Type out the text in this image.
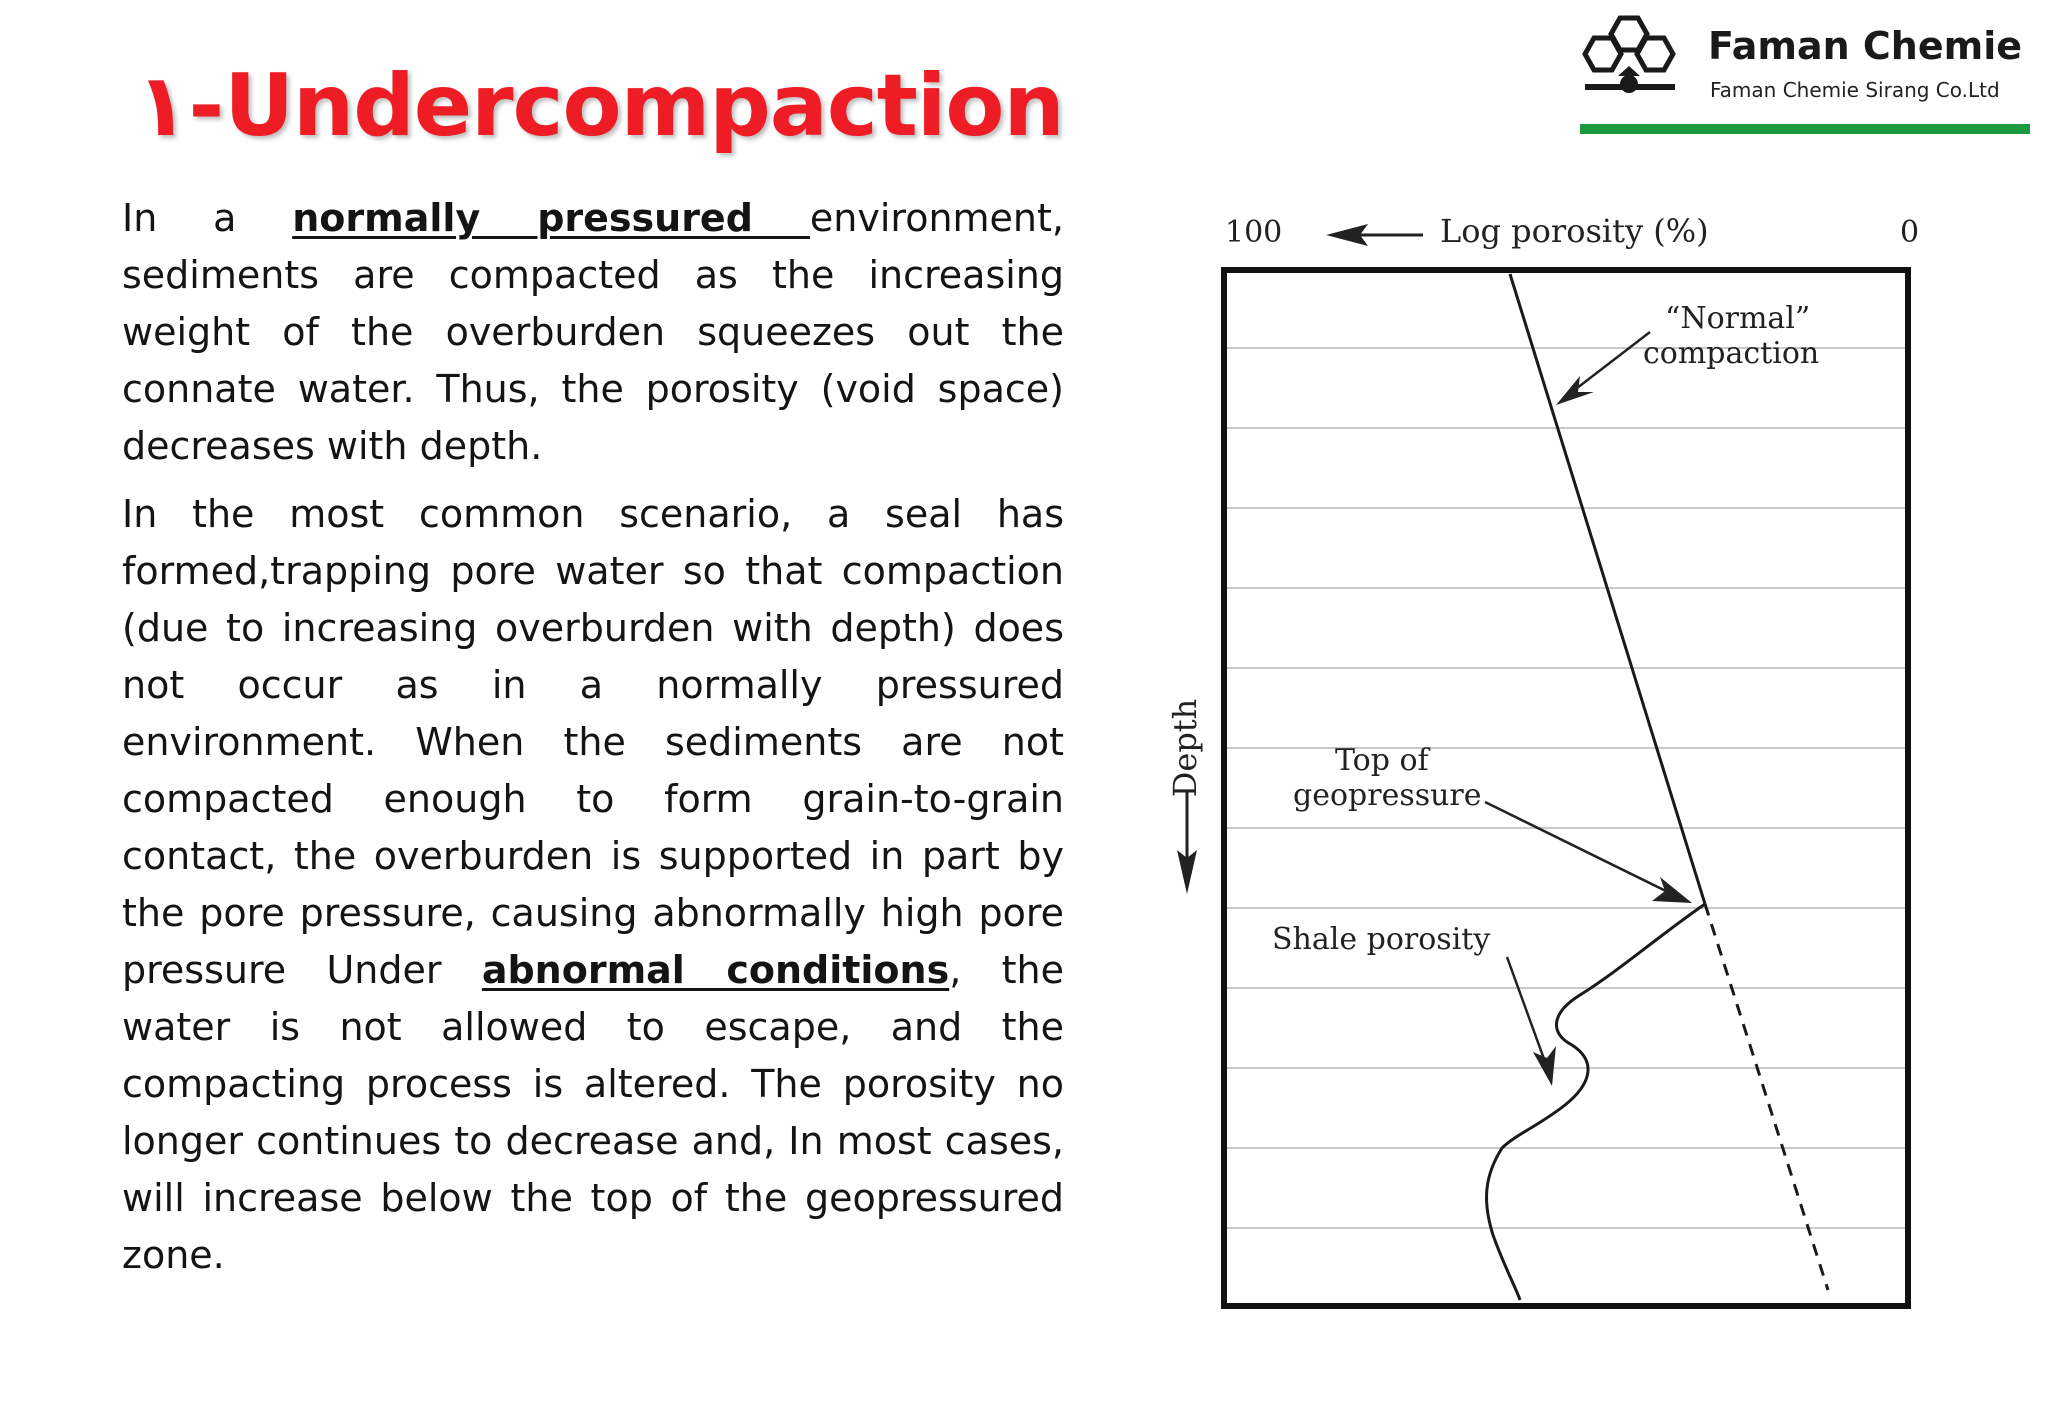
١-Undercompaction
Faman Chemie
Faman Chemie Sirang Co.Ltd

In a normally pressured environment, sediments are compacted as the increasing weight of the overburden squeezes out the connate water. Thus, the porosity (void space) decreases with depth.

In the most common scenario, a seal has formed,trapping pore water so that compaction (due to increasing overburden with depth) does not occur as in a normally pressured environment. When the sediments are not compacted enough to form grain-to-grain contact, the overburden is supported in part by the pore pressure, causing abnormally high pore pressure Under abnormal conditions, the water is not allowed to escape, and the compacting process is altered. The porosity no longer continues to decrease and, In most cases, will increase below the top of the geopressured zone.

100	Log porosity (%)	0
Depth
“Normal”
compaction
Top of
geopressure
Shale porosity
